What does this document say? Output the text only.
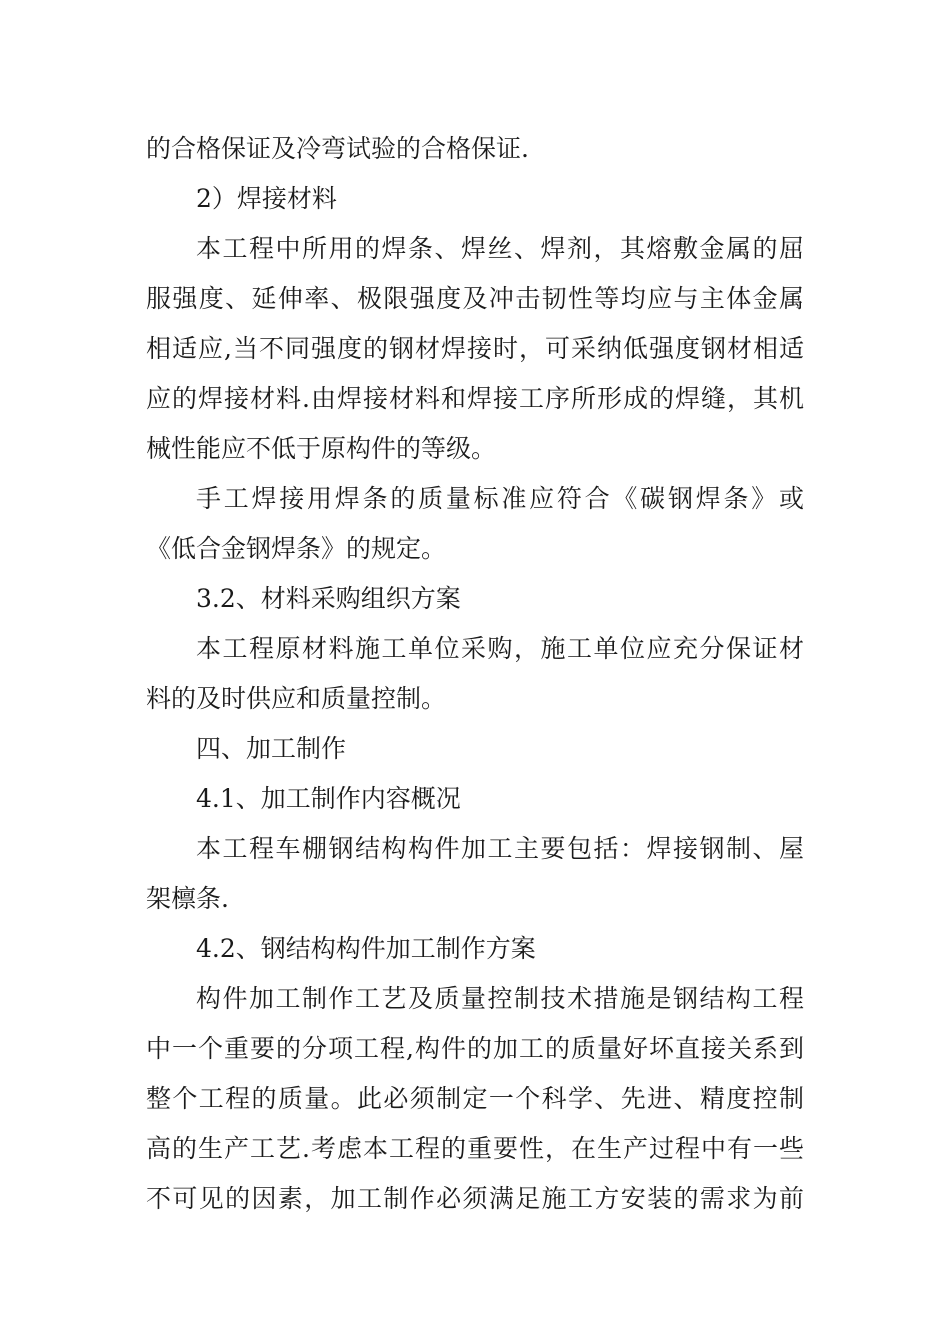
的合格保证及冷弯试验的合格保证.
2）焊接材料
本工程中所用的焊条、焊丝、焊剂，其熔敷金属的屈
服强度、延伸率、极限强度及冲击韧性等均应与主体金属
相适应,当不同强度的钢材焊接时，可采纳低强度钢材相适
应的焊接材料.由焊接材料和焊接工序所形成的焊缝，其机
械性能应不低于原构件的等级。
手工焊接用焊条的质量标准应符合《碳钢焊条》或
《低合金钢焊条》的规定。
3.2、材料采购组织方案
本工程原材料施工单位采购，施工单位应充分保证材
料的及时供应和质量控制。
四、加工制作
4.1、加工制作内容概况
本工程车棚钢结构构件加工主要包括：焊接钢制、屋
架檩条.
4.2、钢结构构件加工制作方案
构件加工制作工艺及质量控制技术措施是钢结构工程
中一个重要的分项工程,构件的加工的质量好坏直接关系到
整个工程的质量。此必须制定一个科学、先进、精度控制
高的生产工艺.考虑本工程的重要性，在生产过程中有一些
不可见的因素，加工制作必须满足施工方安装的需求为前
